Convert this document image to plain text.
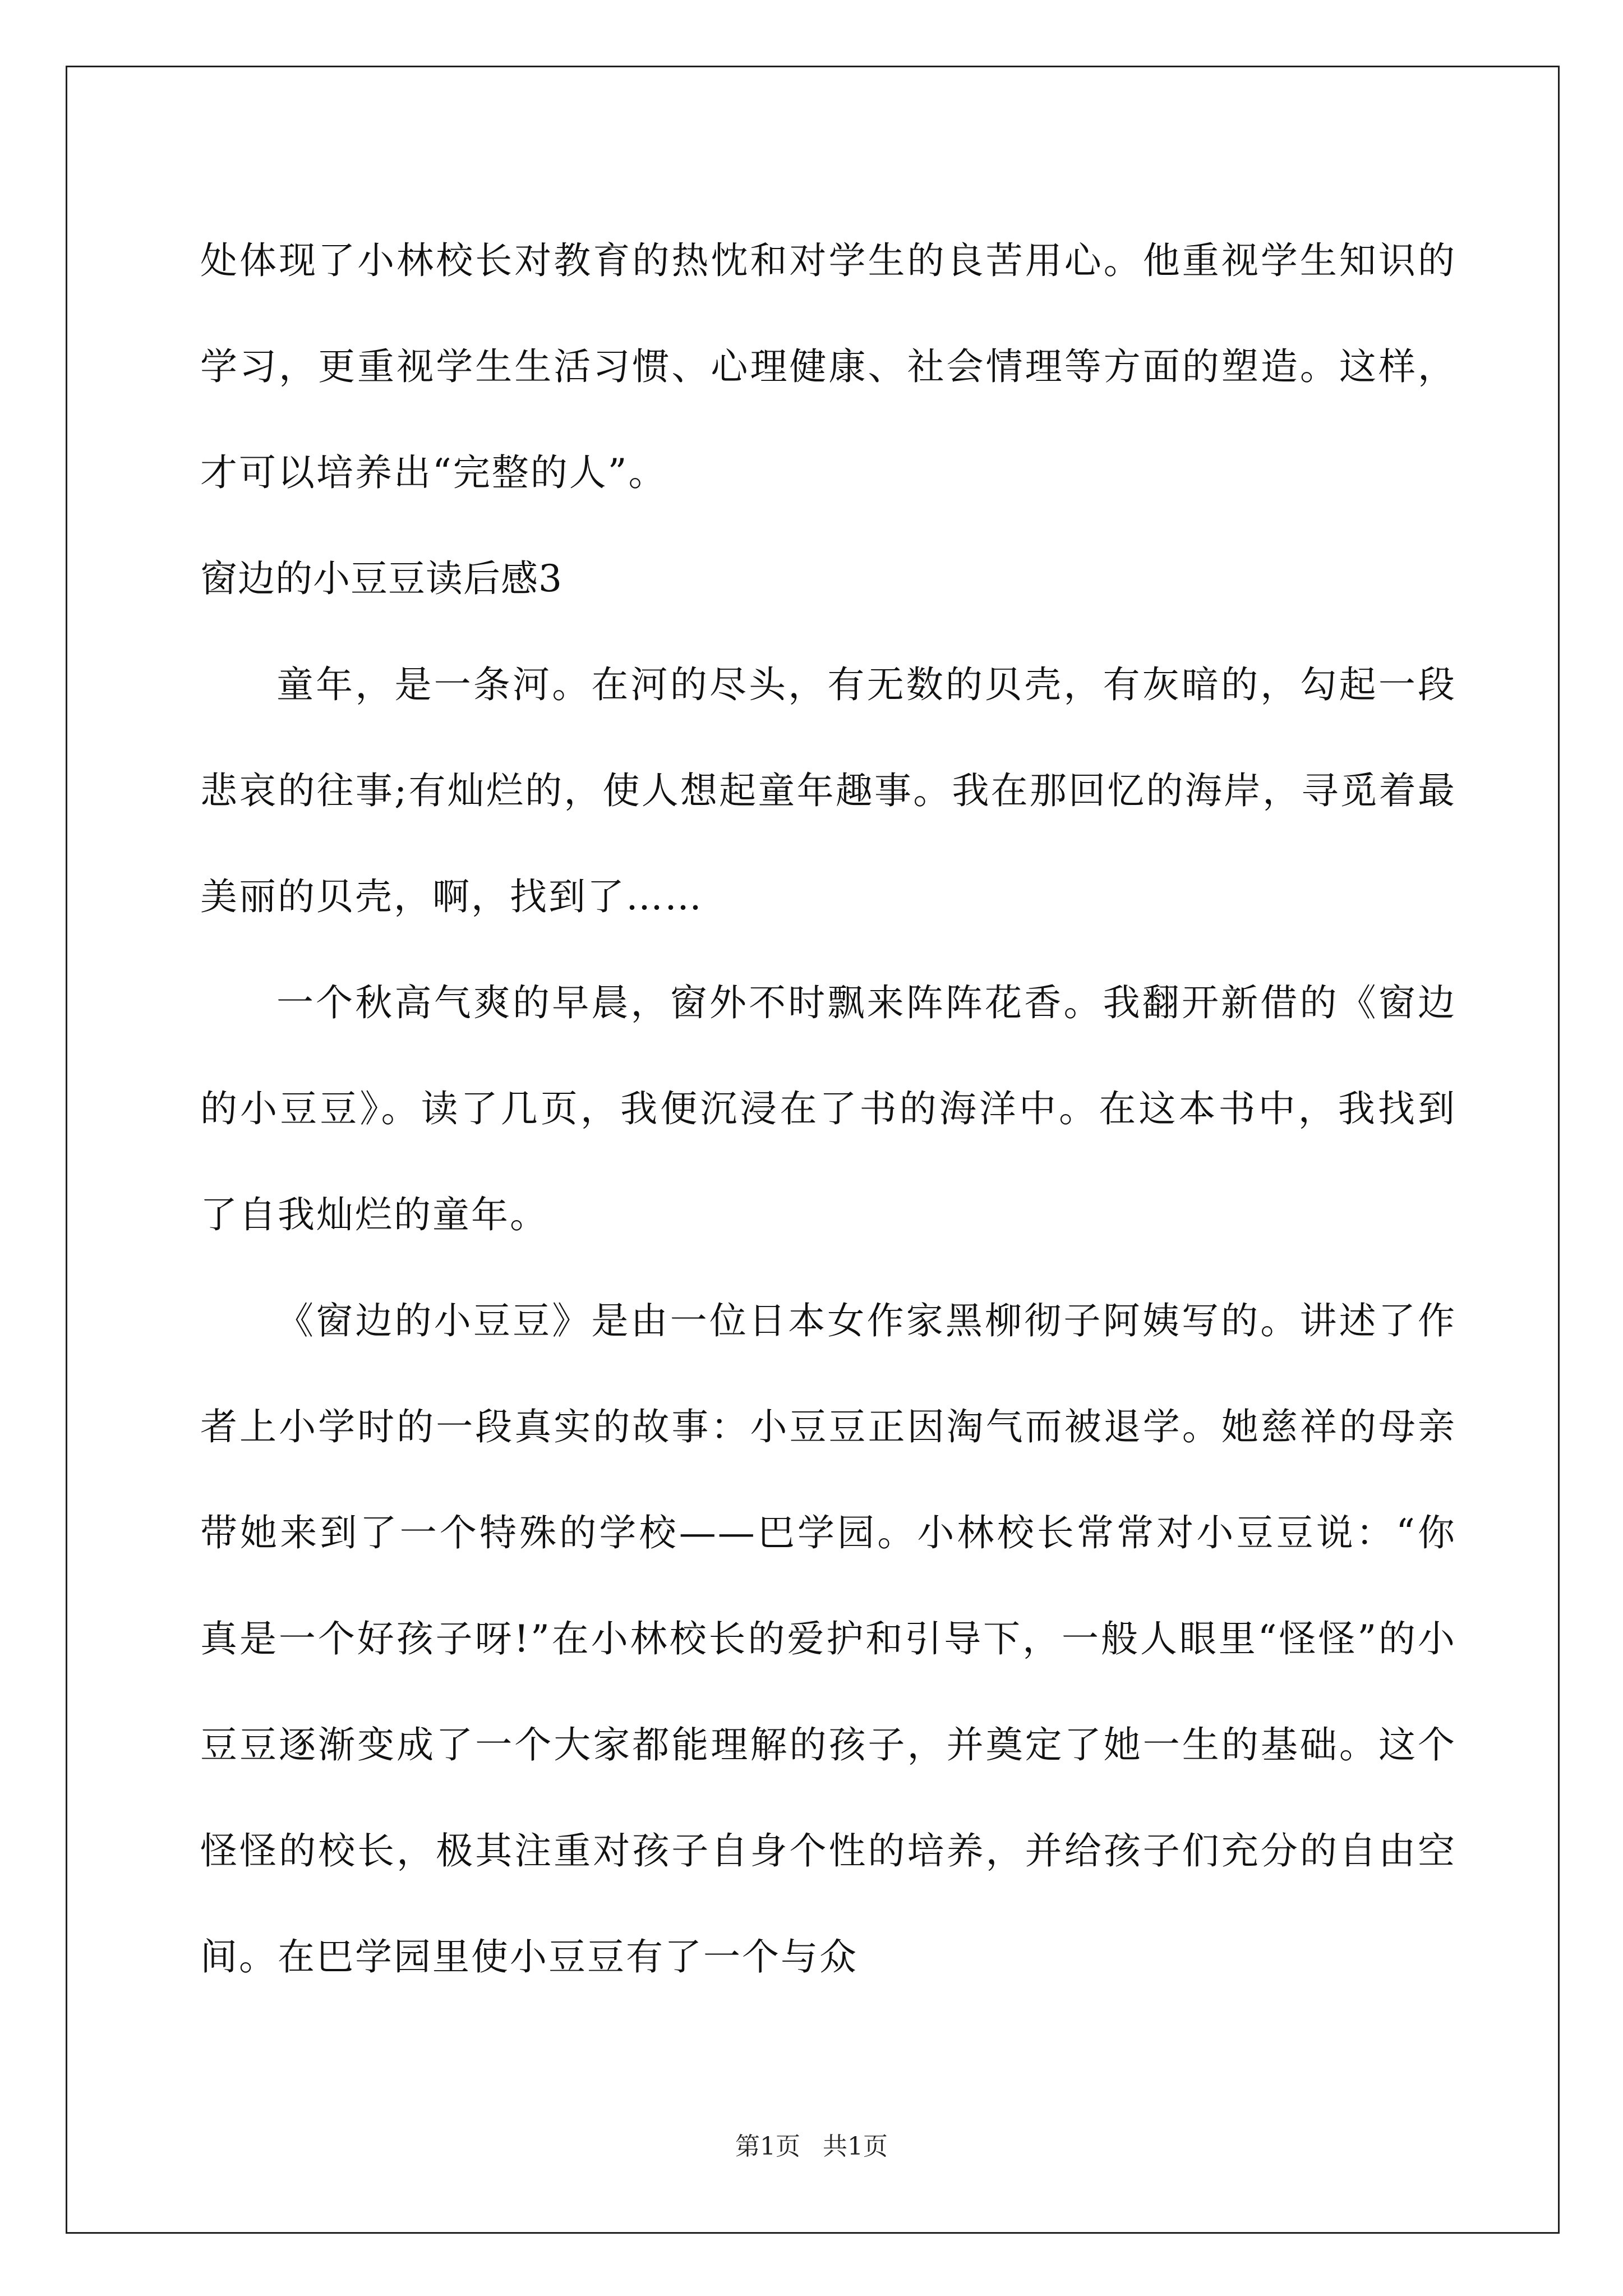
处体现了小林校长对教育的热忱和对学生的良苦用心。他重视学生知识的学习，更重视学生生活习惯、心理健康、社会情理等方面的塑造。这样，才可以培养出“完整的人”。

窗边的小豆豆读后感3

童年，是一条河。在河的尽头，有无数的贝壳，有灰暗的，勾起一段悲哀的往事;有灿烂的，使人想起童年趣事。我在那回忆的海岸，寻觅着最美丽的贝壳，啊，找到了……

一个秋高气爽的早晨，窗外不时飘来阵阵花香。我翻开新借的《窗边的小豆豆》。读了几页，我便沉浸在了书的海洋中。在这本书中，我找到了自我灿烂的童年。

《窗边的小豆豆》是由一位日本女作家黑柳彻子阿姨写的。讲述了作者上小学时的一段真实的故事：小豆豆正因淘气而被退学。她慈祥的母亲带她来到了一个特殊的学校——巴学园。小林校长常常对小豆豆说：“你真是一个好孩子呀!”在小林校长的爱护和引导下，一般人眼里“怪怪”的小豆豆逐渐变成了一个大家都能理解的孩子，并奠定了她一生的基础。这个怪怪的校长，极其注重对孩子自身个性的培养，并给孩子们充分的自由空间。在巴学园里使小豆豆有了一个与众

第1页 共1页
